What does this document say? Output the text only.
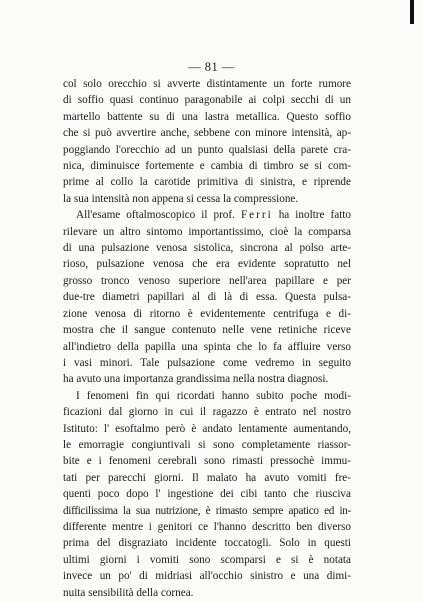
— 81 —

col solo orecchio si avverte distintamente un forte rumore
di soffio quasi continuo paragonabile ai colpi secchi di un
martello battente su di una lastra metallica. Questo soffio
che si può avvertire anche, sebbene con minore intensità, ap-
poggiando l'orecchio ad un punto qualsiasi della parete cra-
nica, diminuisce fortemente e cambia di timbro se si com-
prime al collo la carotide primitiva di sinistra, e riprende
la sua intensità non appena si cessa la compressione.

All'esame oftalmoscopico il prof. Ferri ha inoltre fatto
rilevare un altro sintomo importantissimo, cioè la comparsa
di una pulsazione venosa sistolica, sincrona al polso arte-
rioso, pulsazione venosa che era evidente sopratutto nel
grosso tronco venoso superiore nell'area papillare e per
due-tre diametri papillari al di là di essa. Questa pulsa-
zione venosa di ritorno è evidentemente centrifuga e di-
mostra che il sangue contenuto nelle vene retiniche riceve
all'indietro della papilla una spinta che lo fa affluire verso
i vasi minori. Tale pulsazione come vedremo in seguito
ha avuto una importanza grandissima nella nostra diagnosi.

I fenomeni fin qui ricordati hanno subito poche modi-
ficazioni dal giorno in cui il ragazzo è entrato nel nostro
Istituto: l' esoftalmo però è andato lentamente aumentando,
le emorragie congiuntivali si sono completamente riassor-
bite e i fenomeni cerebrali sono rimasti pressochè immu-
tati per parecchi giorni. Il malato ha avuto vomiti fre-
quenti poco dopo l' ingestione dei cibi tanto che riusciva
difficilissima la sua nutrizione, è rimasto sempre apatico ed in-
differente mentre i genitori ce l'hanno descritto ben diverso
prima del disgraziato incidente toccatogli. Solo in questi
ultimi giorni i vomiti sono scomparsi e si è notata
invece un po' di midriasi all'occhio sinistro e una dimi-
nuita sensibilità della cornea.
